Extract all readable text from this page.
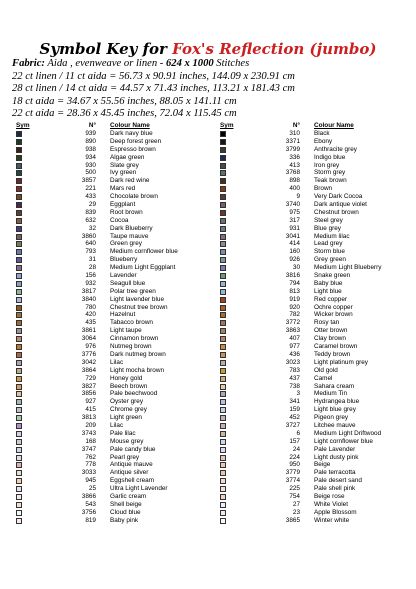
Symbol Key for Fox's Reflection (jumbo)
Fabric: Aida , evenweave or linen - 624 x 1000 Stitches
22 ct linen / 11 ct aida = 56.73 x 90.91 inches, 144.09 x 230.91 cm
28 ct linen / 14 ct aida = 44.57 x 71.43 inches, 113.21 x 181.43 cm
18 ct aida = 34.67 x 55.56 inches, 88.05 x 141.11 cm
22 ct aida = 28.36 x 45.45 inches, 72.04 x 115.45 cm
Sym	N° Colour Name
939 Dark navy blue
890 Deep forest green
938 Espresso brown
934 Algae green
930 Slate grey
500 Ivy green
3857 Dark red wine
221 Mars red
433 Chocolate brown
29 Eggplant
839 Root brown
632 Cocoa
32 Dark Blueberry
3860 Taupe mauve
640 Green grey
793 Medium cornflower blue
31 Blueberry
28 Medium Light Eggplant
156 Lavender
932 Seagull blue
3817 Polar tree green
3840 Light lavender blue
780 Chestnut tree brown
420 Hazelnut
435 Tabacco brown
3861 Light taupe
3064 Cinnamon brown
976 Nutmeg brown
3776 Dark nutmeg brown
3042 Lilac
3864 Light mocha brown
729 Honey gold
3827 Beech brown
3856 Pale beechwood
927 Oyster grey
415 Chrome grey
3813 Light green
209 Lilac
3743 Pale lilac
168 Mouse grey
3747 Pale candy blue
762 Pearl grey
778 Antique mauve
3033 Antique silver
945 Eggshell cream
25 Ultra Light Lavender
3866 Garlic cream
543 Shell beige
3756 Cloud blue
819 Baby pink
Sym	N° Colour Name
310 Black
3371 Ebony
3799 Anthracite grey
336 Indigo blue
413 Iron grey
3768 Storm grey
898 Teak brown
400 Brown
9 Very Dark Cocoa
3740 Dark antique violet
975 Chestnut brown
317 Steel grey
931 Blue grey
3041 Medium lilac
414 Lead grey
160 Storm blue
926 Grey green
30 Medium Light Blueberry
3816 Snake green
794 Baby blue
813 Light blue
919 Red copper
920 Ochre copper
782 Wicker brown
3772 Rosy tan
3863 Otter brown
407 Clay brown
977 Caramel brown
436 Teddy brown
3023 Light platinum grey
783 Old gold
437 Camel
738 Sahara cream
3 Medium Tin
341 Hydrangea blue
159 Light blue grey
452 Pigeon grey
3727 Litchee mauve
6 Medium Light Driftwood
157 Light cornflower blue
24 Pale Lavender
224 Light dusty pink
950 Beige
3779 Pale terracotta
3774 Pale desert sand
225 Pale shell pink
754 Beige rose
27 White Violet
23 Apple Blossom
3865 Winter white
